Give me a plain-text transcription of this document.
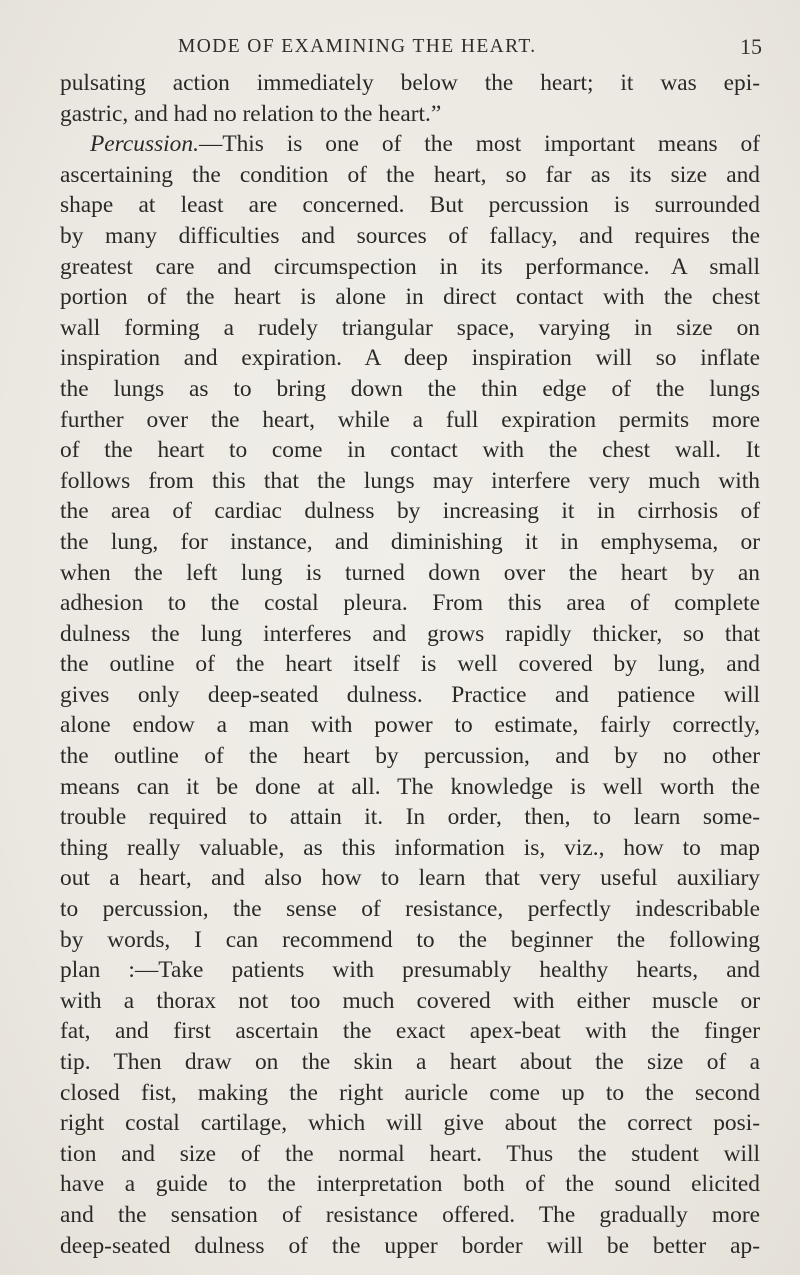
MODE OF EXAMINING THE HEART.	15
pulsating action immediately below the heart; it was epi-
gastric, and had no relation to the heart.”
Percussion.—This is one of the most important means of
ascertaining the condition of the heart, so far as its size and
shape at least are concerned. But percussion is surrounded
by many difficulties and sources of fallacy, and requires the
greatest care and circumspection in its performance. A small
portion of the heart is alone in direct contact with the chest
wall forming a rudely triangular space, varying in size on
inspiration and expiration. A deep inspiration will so inflate
the lungs as to bring down the thin edge of the lungs
further over the heart, while a full expiration permits more
of the heart to come in contact with the chest wall. It
follows from this that the lungs may interfere very much with
the area of cardiac dulness by increasing it in cirrhosis of
the lung, for instance, and diminishing it in emphysema, or
when the left lung is turned down over the heart by an
adhesion to the costal pleura. From this area of complete
dulness the lung interferes and grows rapidly thicker, so that
the outline of the heart itself is well covered by lung, and
gives only deep-seated dulness. Practice and patience will
alone endow a man with power to estimate, fairly correctly,
the outline of the heart by percussion, and by no other
means can it be done at all. The knowledge is well worth the
trouble required to attain it. In order, then, to learn some-
thing really valuable, as this information is, viz., how to map
out a heart, and also how to learn that very useful auxiliary
to percussion, the sense of resistance, perfectly indescribable
by words, I can recommend to the beginner the following
plan :—Take patients with presumably healthy hearts, and
with a thorax not too much covered with either muscle or
fat, and first ascertain the exact apex-beat with the finger
tip. Then draw on the skin a heart about the size of a
closed fist, making the right auricle come up to the second
right costal cartilage, which will give about the correct posi-
tion and size of the normal heart. Thus the student will
have a guide to the interpretation both of the sound elicited
and the sensation of resistance offered. The gradually more
deep-seated dulness of the upper border will be better ap-
